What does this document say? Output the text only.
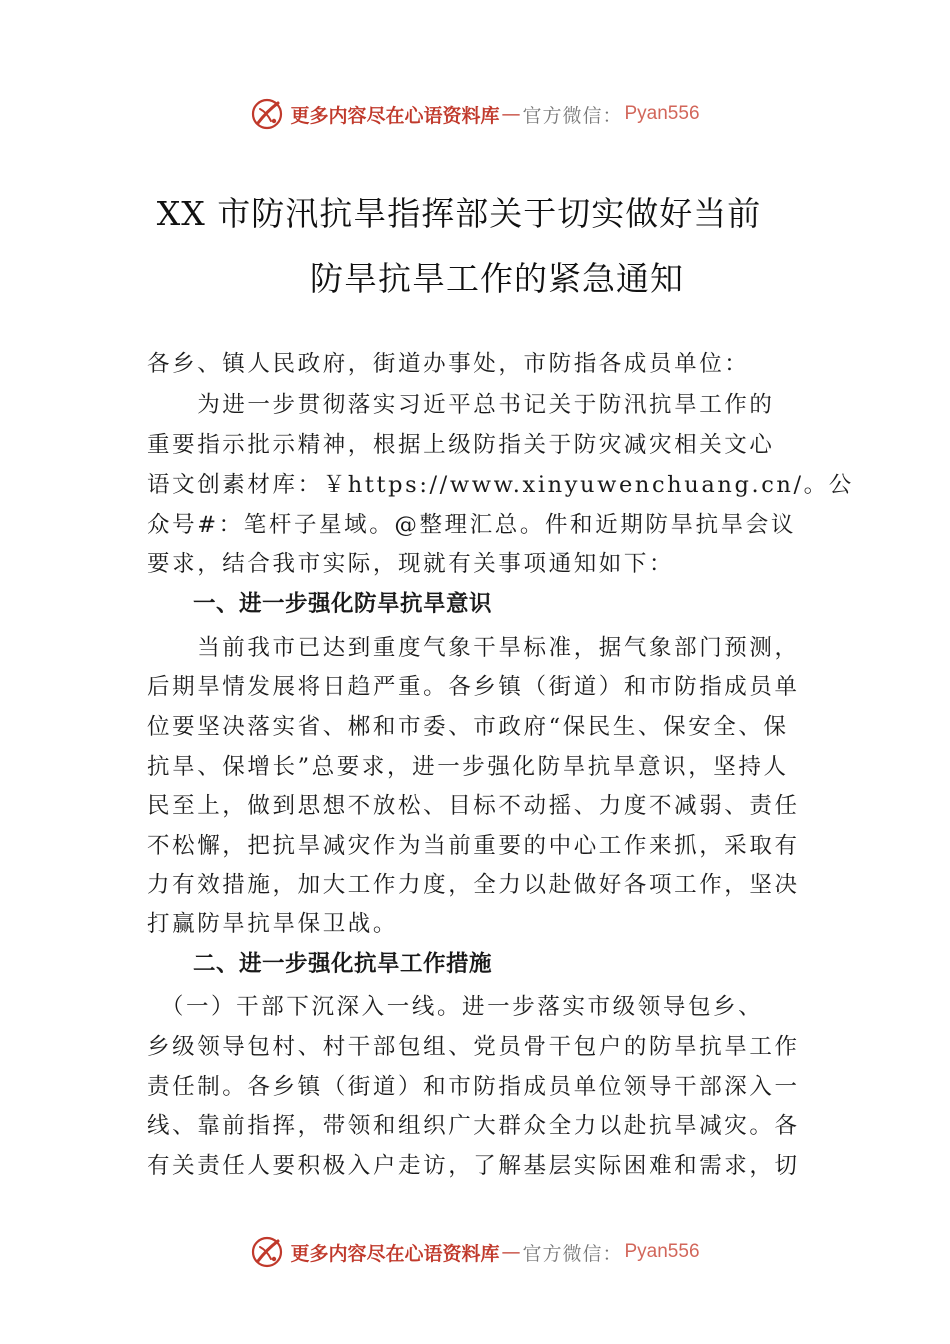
更多内容尽在心语资料库 — 官方微信： Pyan556
XX 市防汛抗旱指挥部关于切实做好当前
防旱抗旱工作的紧急通知
各乡、镇人民政府，街道办事处，市防指各成员单位：
　　为进一步贯彻落实习近平总书记关于防汛抗旱工作的
重要指示批示精神，根据上级防指关于防灾减灾相关文心
语文创素材库：￥https://www.xinyuwenchuang.cn/。公
众号#：笔杆子星域。@整理汇总。件和近期防旱抗旱会议
要求，结合我市实际，现就有关事项通知如下：
　　一、进一步强化防旱抗旱意识
　　当前我市已达到重度气象干旱标准，据气象部门预测，
后期旱情发展将日趋严重。各乡镇（街道）和市防指成员单
位要坚决落实省、郴和市委、市政府“保民生、保安全、保
抗旱、保增长”总要求，进一步强化防旱抗旱意识，坚持人
民至上，做到思想不放松、目标不动摇、力度不减弱、责任
不松懈，把抗旱减灾作为当前重要的中心工作来抓，采取有
力有效措施，加大工作力度，全力以赴做好各项工作，坚决
打赢防旱抗旱保卫战。
　　二、进一步强化抗旱工作措施
　（一）干部下沉深入一线。进一步落实市级领导包乡、
乡级领导包村、村干部包组、党员骨干包户的防旱抗旱工作
责任制。各乡镇（街道）和市防指成员单位领导干部深入一
线、靠前指挥，带领和组织广大群众全力以赴抗旱减灾。各
有关责任人要积极入户走访，了解基层实际困难和需求，切
更多内容尽在心语资料库 — 官方微信： Pyan556
